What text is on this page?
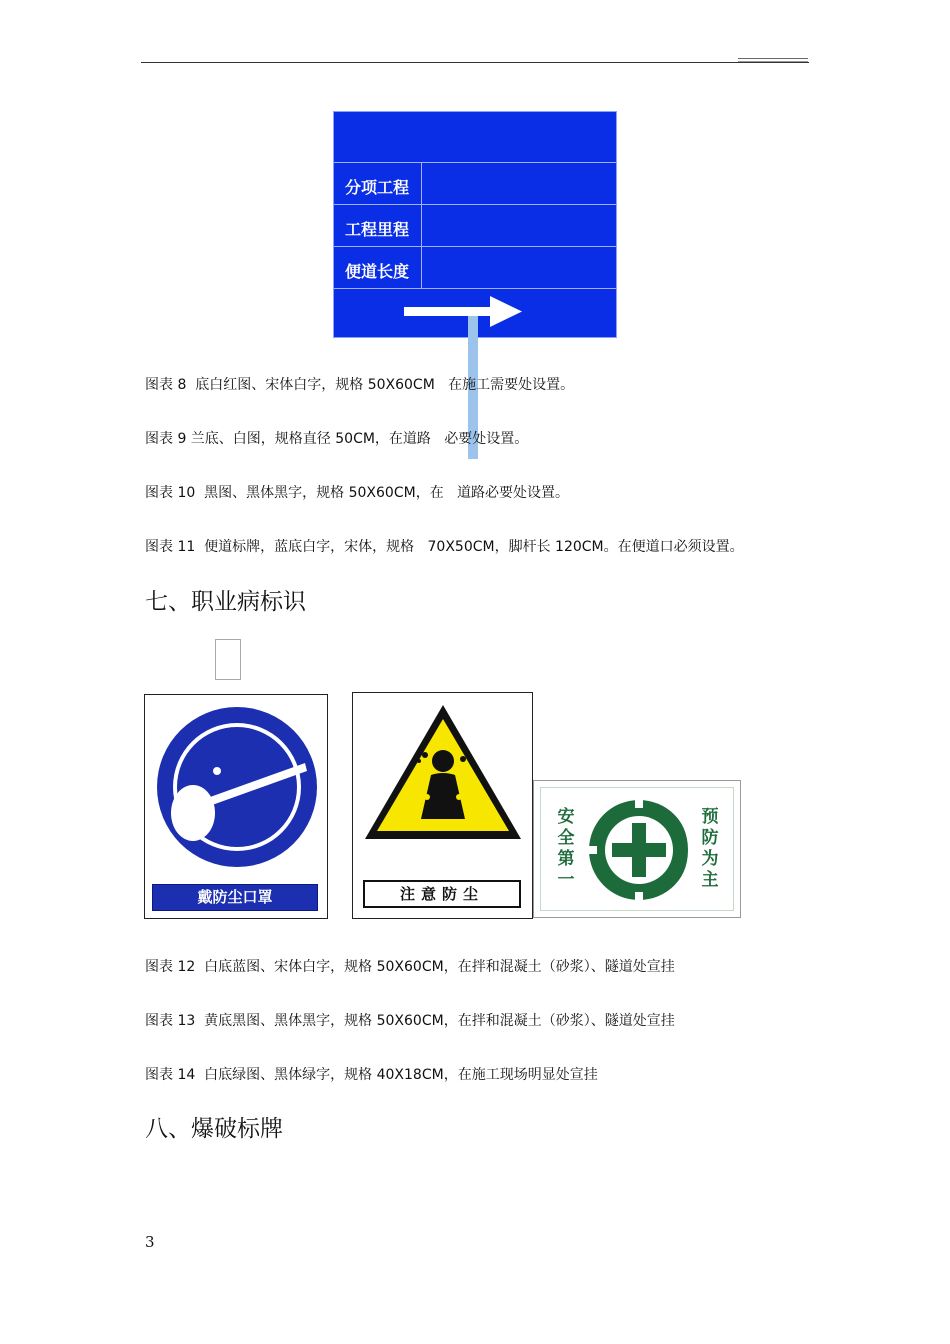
分项工程
工程里程
便道长度
图表 8  底白红图、宋体白字，规格 50X60CM   在施工需要处设置。
图表 9 兰底、白图，规格直径 50CM，在道路   必要处设置。
图表 10  黑图、黑体黑字，规格 50X60CM，在   道路必要处设置。
图表 11  便道标牌，蓝底白字，宋体，规格   70X50CM，脚杆长 120CM。在便道口必须设置。
七、职业病标识
戴防尘口罩	注意防尘
安全第一
预防为主
图表 12  白底蓝图、宋体白字，规格 50X60CM，在拌和混凝土（砂浆）、隧道处宣挂
图表 13  黄底黑图、黑体黑字，规格 50X60CM，在拌和混凝土（砂浆）、隧道处宣挂
图表 14  白底绿图、黑体绿字，规格 40X18CM，在施工现场明显处宣挂
八、爆破标牌
3
